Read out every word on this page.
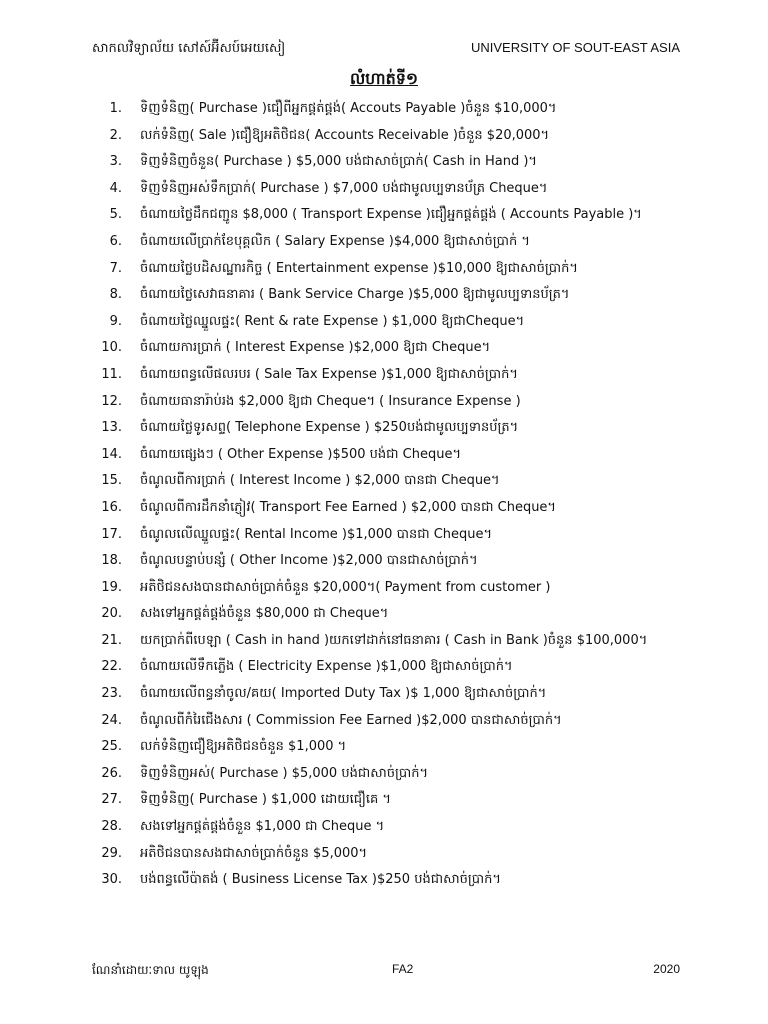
សាកលវិទ្យាល័យ សៅស៍អ៊ីសប៍អេយសៀ	UNIVERSITY OF SOUT-EAST ASIA
លំហាត់ទី១
1. ទិញទំនិញ( Purchase )ជឿពីអ្នកផ្គត់ផ្គង់( Accouts Payable )ចំនួន $10,000។
2. លក់ទំនិញ( Sale )ជឿឱ្យអតិថិជន( Accounts Receivable )ចំនួន $20,000។
3. ទិញទំនិញចំនួន( Purchase ) $5,000 បង់ជាសាច់ប្រាក់( Cash in Hand )។
4. ទិញទំនិញអស់ទឹកប្រាក់( Purchase ) $7,000 បង់ជាមូលប្បទានប័ត្រ Cheque។
5. ចំណាយថ្លៃដឹកជញ្ជូន $8,000 ( Transport Expense )ជឿអ្នកផ្គត់ផ្គង់ ( Accounts Payable )។
6. ចំណាយលើប្រាក់ខែបុគ្គលិក ( Salary Expense )$4,000 ឱ្យជាសាច់ប្រាក់ ។
7. ចំណាយថ្លៃបដិសណ្ឋារកិច្ច ( Entertainment expense )$10,000 ឱ្យជាសាច់ប្រាក់។
8. ចំណាយថ្លៃសេវាធនាគារ ( Bank Service Charge )$5,000 ឱ្យជាមូលប្បទានប័ត្រ។
9. ចំណាយថ្លៃឈ្នួលផ្ទះ( Rent & rate Expense ) $1,000 ឱ្យជាCheque។
10. ចំណាយការប្រាក់ ( Interest Expense )$2,000 ឱ្យជា Cheque។
11. ចំណាយពន្ធលើផលរបរ ( Sale Tax Expense )$1,000 ឱ្យជាសាច់ប្រាក់។
12. ចំណាយធានារ៉ាប់រង $2,000 ឱ្យជា Cheque។ ( Insurance Expense )
13. ចំណាយថ្លៃទូរសព្ទ( Telephone Expense ) $250បង់ជាមូលប្បទានប័ត្រ។
14. ចំណាយផ្សេងៗ ( Other Expense )$500 បង់ជា Cheque។
15. ចំណូលពីការប្រាក់ ( Interest Income ) $2,000 បានជា Cheque។
16. ចំណូលពីការដឹកនាំភ្ញៀវ( Transport Fee Earned ) $2,000 បានជា Cheque។
17. ចំណូលលើឈ្នួលផ្ទះ( Rental Income )$1,000 បានជា Cheque។
18. ចំណូលបន្ទាប់បន្សំ ( Other Income )$2,000 បានជាសាច់ប្រាក់។
19. អតិថិជនសងបានជាសាច់ប្រាក់ចំនួន $20,000។( Payment from customer )
20. សងទៅអ្នកផ្គត់ផ្គង់ចំនួន $80,000 ជា Cheque។
21. យកប្រាក់ពីបេឡា ( Cash in hand )យកទៅដាក់នៅធនាគារ ( Cash in Bank )ចំនួន $100,000។
22. ចំណាយលើទឹកភ្លើង ( Electricity Expense )$1,000 ឱ្យជាសាច់ប្រាក់។
23. ចំណាយលើពន្ធនាំចូល/គយ( Imported Duty Tax )$ 1,000 ឱ្យជាសាច់ប្រាក់។
24. ចំណូលពីកំរៃជើងសារ ( Commission Fee Earned )$2,000 បានជាសាច់ប្រាក់។
25. លក់ទំនិញជឿឱ្យអតិថិជនចំនួន $1,000 ។
26. ទិញទំនិញអស់( Purchase ) $5,000 បង់ជាសាច់ប្រាក់។
27. ទិញទំនិញ( Purchase ) $1,000 ដោយជឿគេ ។
28. សងទៅអ្នកផ្គត់ផ្គង់ចំនួន $1,000 ជា Cheque ។
29. អតិថិជនបានសងជាសាច់ប្រាក់ចំនួន $5,000។
30. បង់ពន្ធលើប៉ាតង់ ( Business License Tax )$250 បង់ជាសាច់ប្រាក់។
ណែនាំដោយៈទាល យូឡុង	FA2	2020
